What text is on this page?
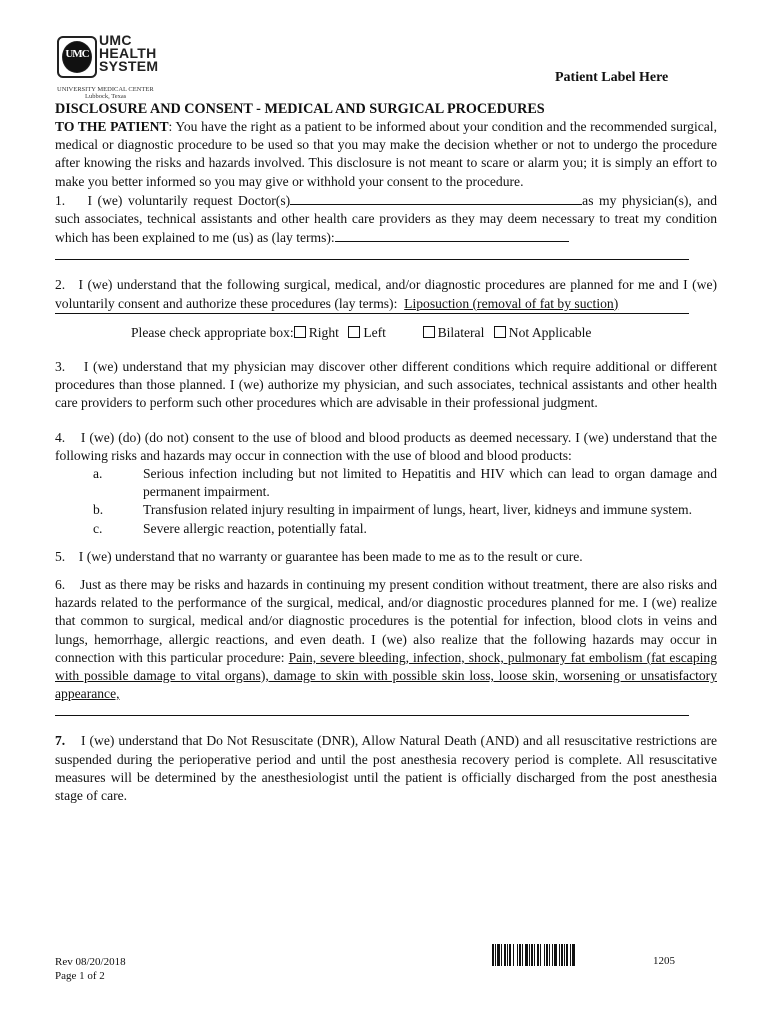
UMC
UMC
HEALTH
SYSTEM
UNIVERSITY MEDICAL CENTER
Lubbock, Texas
Patient Label Here
DISCLOSURE AND CONSENT - MEDICAL AND SURGICAL PROCEDURES

TO THE PATIENT: You have the right as a patient to be informed about your condition and the recommended surgical, medical or diagnostic procedure to be used so that you may make the decision whether or not to undergo the procedure after knowing the risks and hazards involved. This disclosure is not meant to scare or alarm you; it is simply an effort to make you better informed so you may give or withhold your consent to the procedure.

1. I (we) voluntarily request Doctor(s)	as my physician(s), and such associates, technical assistants and other health care providers as they may deem necessary to treat my condition which has been explained to me (us) as (lay terms):

2. I (we) understand that the following surgical, medical, and/or diagnostic procedures are planned for me and I (we) voluntarily consent and authorize these procedures (lay terms): Liposuction (removal of fat by suction)

Please check appropriate box: Right Left	Bilateral Not Applicable

3. I (we) understand that my physician may discover other different conditions which require additional or different procedures than those planned. I (we) authorize my physician, and such associates, technical assistants and other health care providers to perform such other procedures which are advisable in their professional judgment.

4. I (we) (do) (do not) consent to the use of blood and blood products as deemed necessary. I (we) understand that the following risks and hazards may occur in connection with the use of blood and blood products:

a.	Serious infection including but not limited to Hepatitis and HIV which can lead to organ damage and permanent impairment.
b.	Transfusion related injury resulting in impairment of lungs, heart, liver, kidneys and immune system.
c.	Severe allergic reaction, potentially fatal.

5. I (we) understand that no warranty or guarantee has been made to me as to the result or cure.

6. Just as there may be risks and hazards in continuing my present condition without treatment, there are also risks and hazards related to the performance of the surgical, medical, and/or diagnostic procedures planned for me. I (we) realize that common to surgical, medical and/or diagnostic procedures is the potential for infection, blood clots in veins and lungs, hemorrhage, allergic reactions, and even death. I (we) also realize that the following hazards may occur in connection with this particular procedure: Pain, severe bleeding, infection, shock, pulmonary fat embolism (fat escaping with possible damage to vital organs), damage to skin with possible skin loss, loose skin, worsening or unsatisfactory appearance,

7. I (we) understand that Do Not Resuscitate (DNR), Allow Natural Death (AND) and all resuscitative restrictions are suspended during the perioperative period and until the post anesthesia recovery period is complete. All resuscitative measures will be determined by the anesthesiologist until the patient is officially discharged from the post anesthesia stage of care.

Rev 08/20/2018
Page 1 of 2
1205
